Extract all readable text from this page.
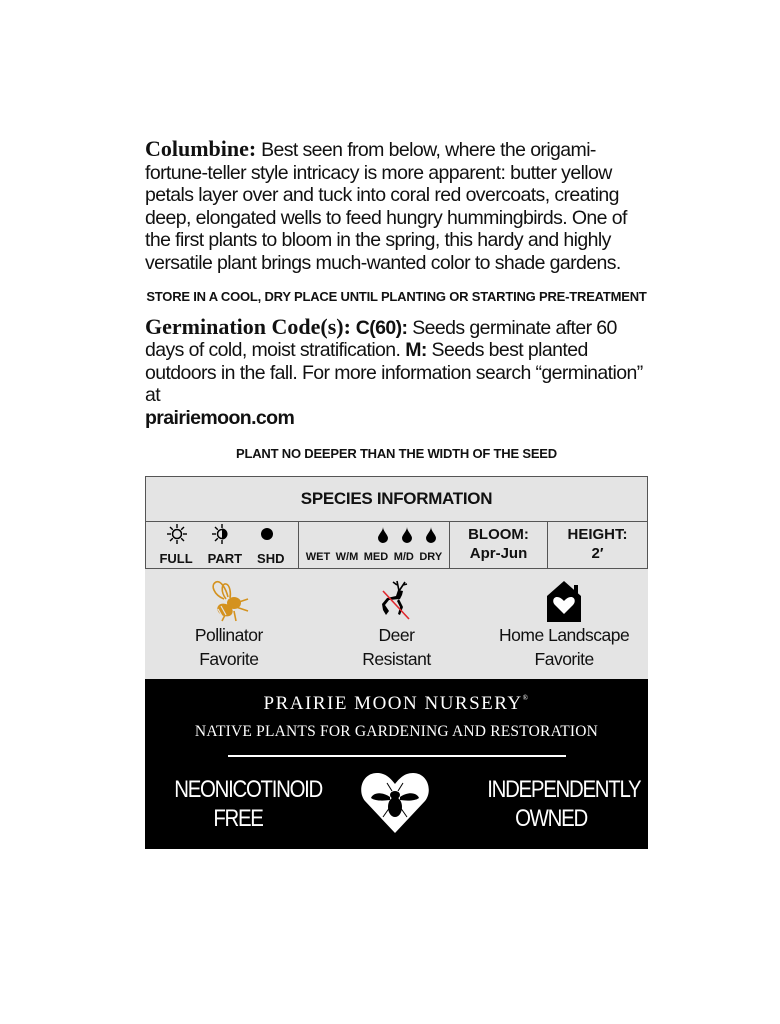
Columbine: Best seen from below, where the origami-fortune-teller style intricacy is more apparent: butter yellow petals layer over and tuck into coral red overcoats, creating deep, elongated wells to feed hungry hummingbirds. One of the first plants to bloom in the spring, this hardy and highly versatile plant brings much-wanted color to shade gardens.

STORE IN A COOL, DRY PLACE UNTIL PLANTING OR STARTING PRE-TREATMENT

Germination Code(s): C(60): Seeds germinate after 60 days of cold, moist stratification. M: Seeds best planted outdoors in the fall. For more information search “germination” at
prairiemoon.com

PLANT NO DEEPER THAN THE WIDTH OF THE SEED

SPECIES INFORMATION

FULL PART SHD	WET W/M MED M/D DRY

BLOOM:
Apr-Jun

HEIGHT:
2′
Pollinator
Favorite
Deer
Resistant
Home Landscape
Favorite
PRAIRIE MOON NURSERY®
NATIVE PLANTS FOR GARDENING AND RESTORATION
NEONICOTINOID
FREE
INDEPENDENTLY
OWNED
